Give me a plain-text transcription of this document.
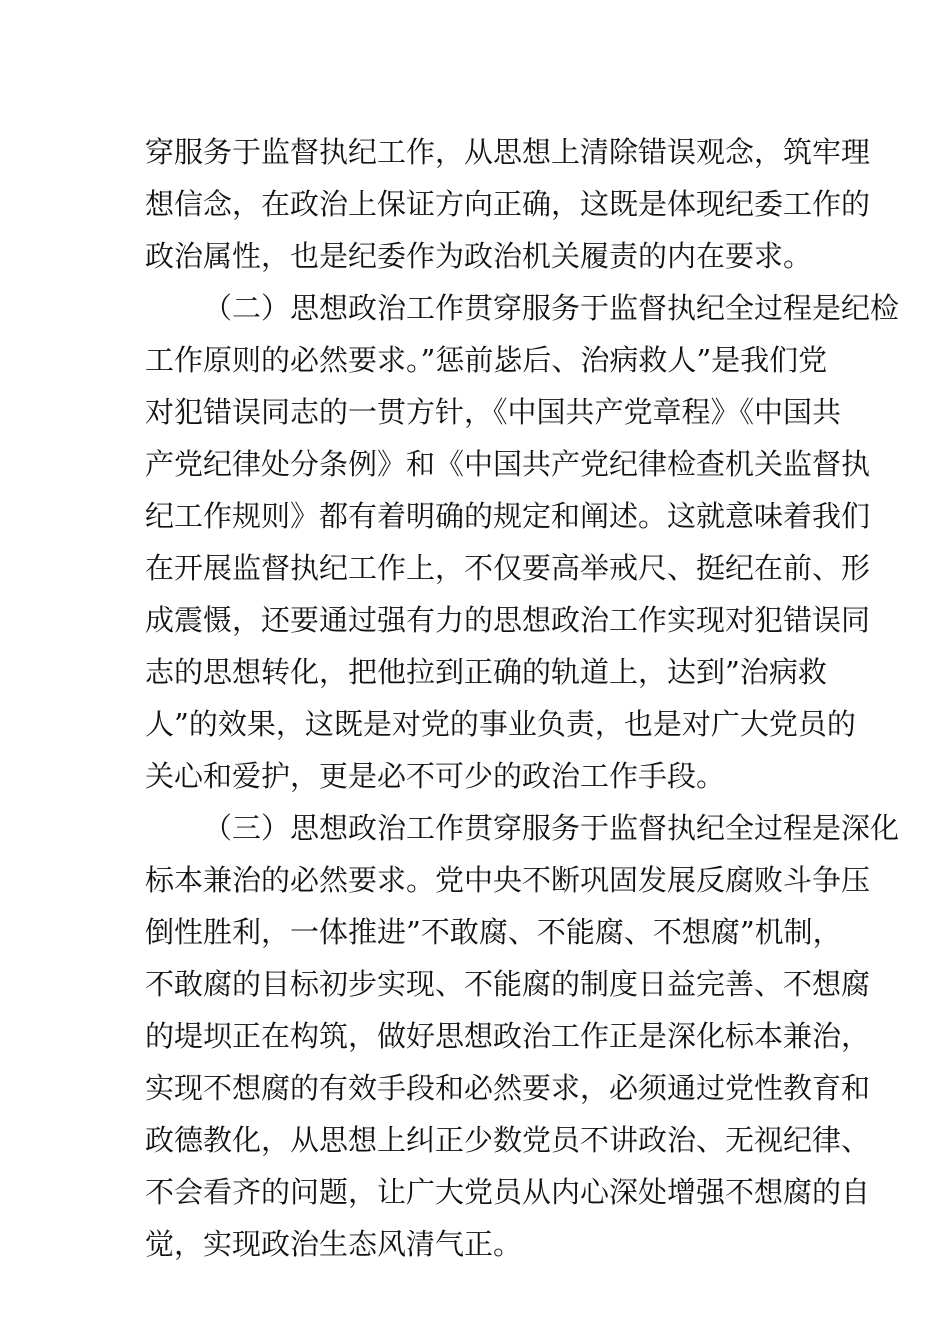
穿服务于监督执纪工作，从思想上清除错误观念，筑牢理
想信念，在政治上保证方向正确，这既是体现纪委工作的
政治属性，也是纪委作为政治机关履责的内在要求。
（二）思想政治工作贯穿服务于监督执纪全过程是纪检
工作原则的必然要求。”惩前毖后、治病救人”是我们党
对犯错误同志的一贯方针，《中国共产党章程》《中国共
产党纪律处分条例》和《中国共产党纪律检查机关监督执
纪工作规则》都有着明确的规定和阐述。这就意味着我们
在开展监督执纪工作上，不仅要高举戒尺、挺纪在前、形
成震慑，还要通过强有力的思想政治工作实现对犯错误同
志的思想转化，把他拉到正确的轨道上，达到”治病救
人”的效果，这既是对党的事业负责，也是对广大党员的
关心和爱护，更是必不可少的政治工作手段。
（三）思想政治工作贯穿服务于监督执纪全过程是深化
标本兼治的必然要求。党中央不断巩固发展反腐败斗争压
倒性胜利，一体推进”不敢腐、不能腐、不想腐”机制，
不敢腐的目标初步实现、不能腐的制度日益完善、不想腐
的堤坝正在构筑，做好思想政治工作正是深化标本兼治，
实现不想腐的有效手段和必然要求，必须通过党性教育和
政德教化，从思想上纠正少数党员不讲政治、无视纪律、
不会看齐的问题，让广大党员从内心深处增强不想腐的自
觉，实现政治生态风清气正。
